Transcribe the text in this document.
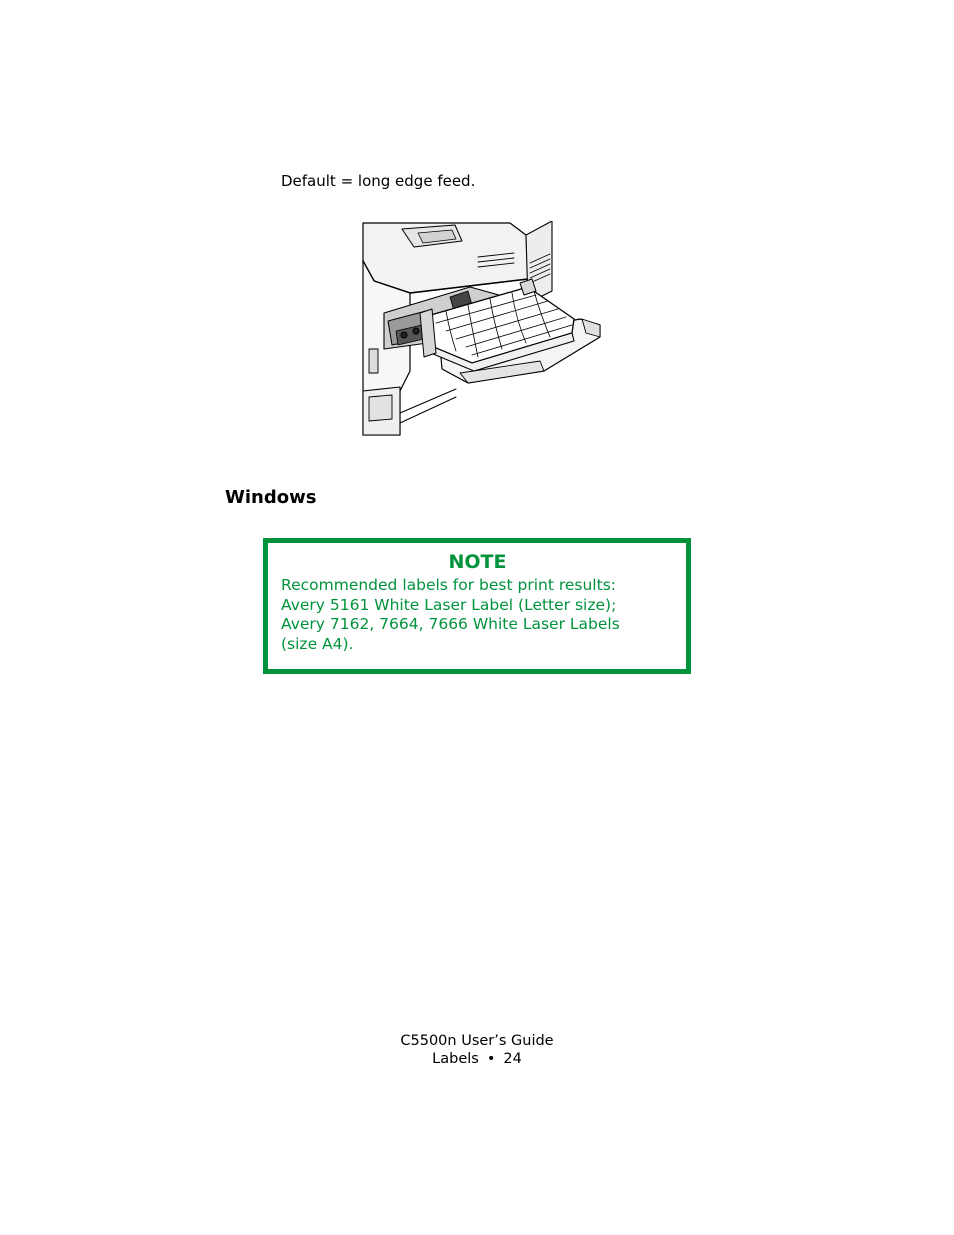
Default = long edge feed.
Windows
NOTE
Recommended labels for best print results:
Avery 5161 White Laser Label (Letter size);
Avery 7162, 7664, 7666 White Laser Labels
(size A4).
C5500n User’s Guide
Labels • 24
